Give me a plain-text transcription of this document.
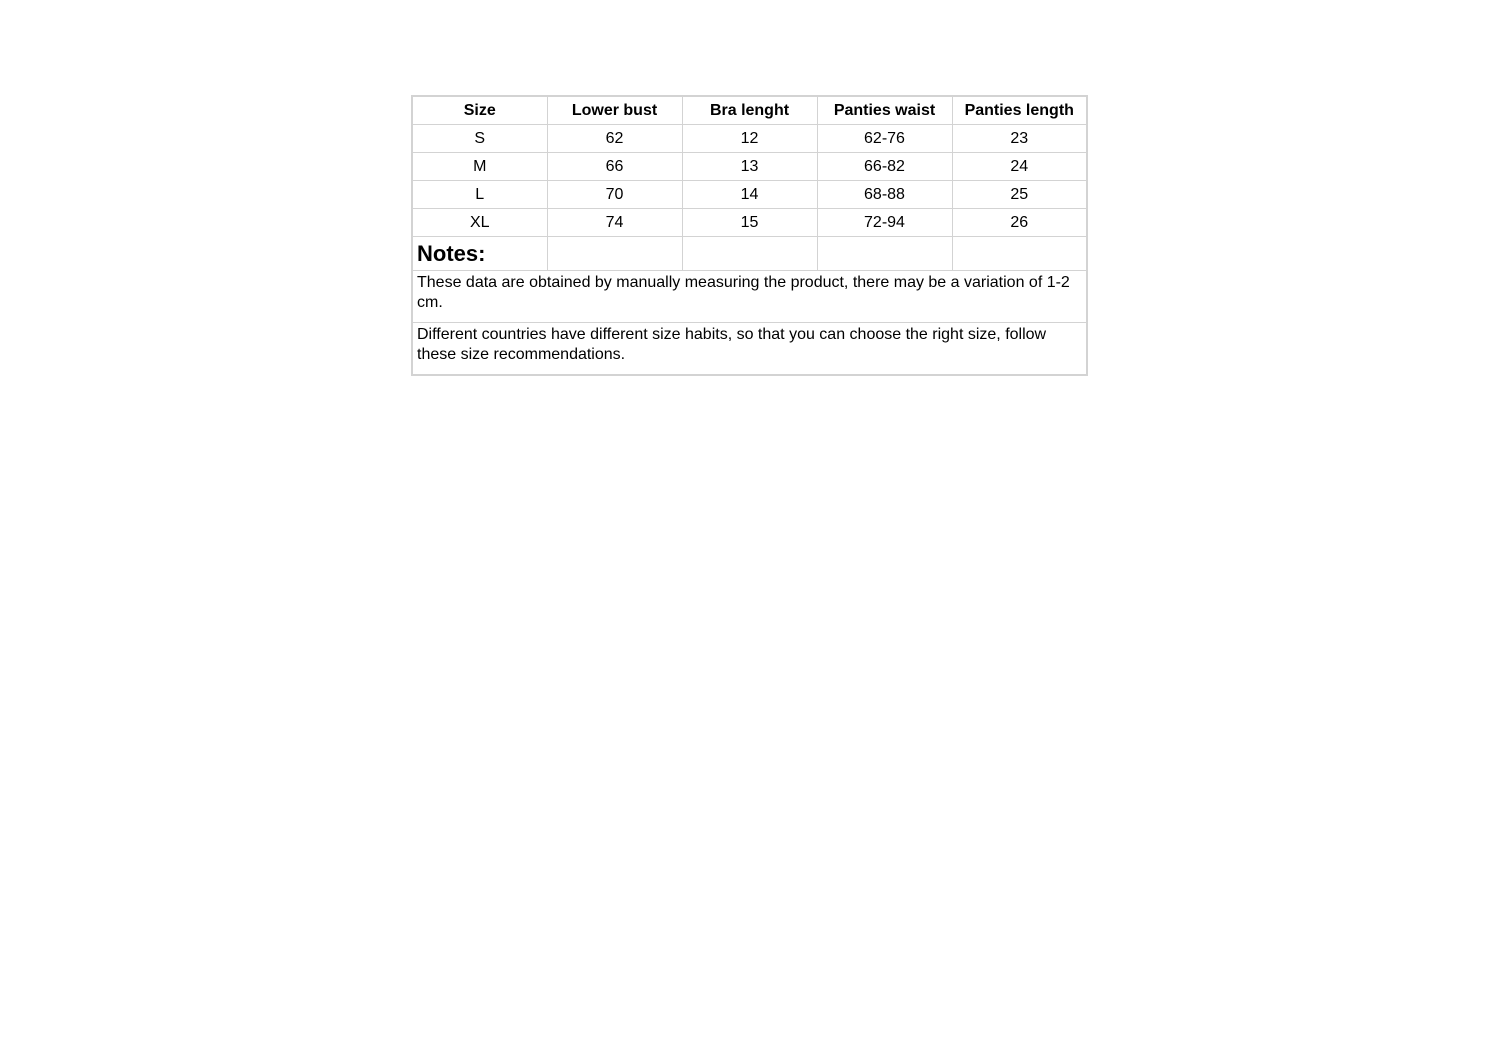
Size	Lower bust	Bra lenght	Panties waist	Panties length
S	62	12	62-76	23
M	66	13	66-82	24
L	70	14	68-88	25
XL	74	15	72-94	26
Notes:				
These data are obtained by manually measuring the product, there may be a variation of 1-2 cm.				
Different countries have different size habits, so that you can choose the right size, follow these size recommendations.				
